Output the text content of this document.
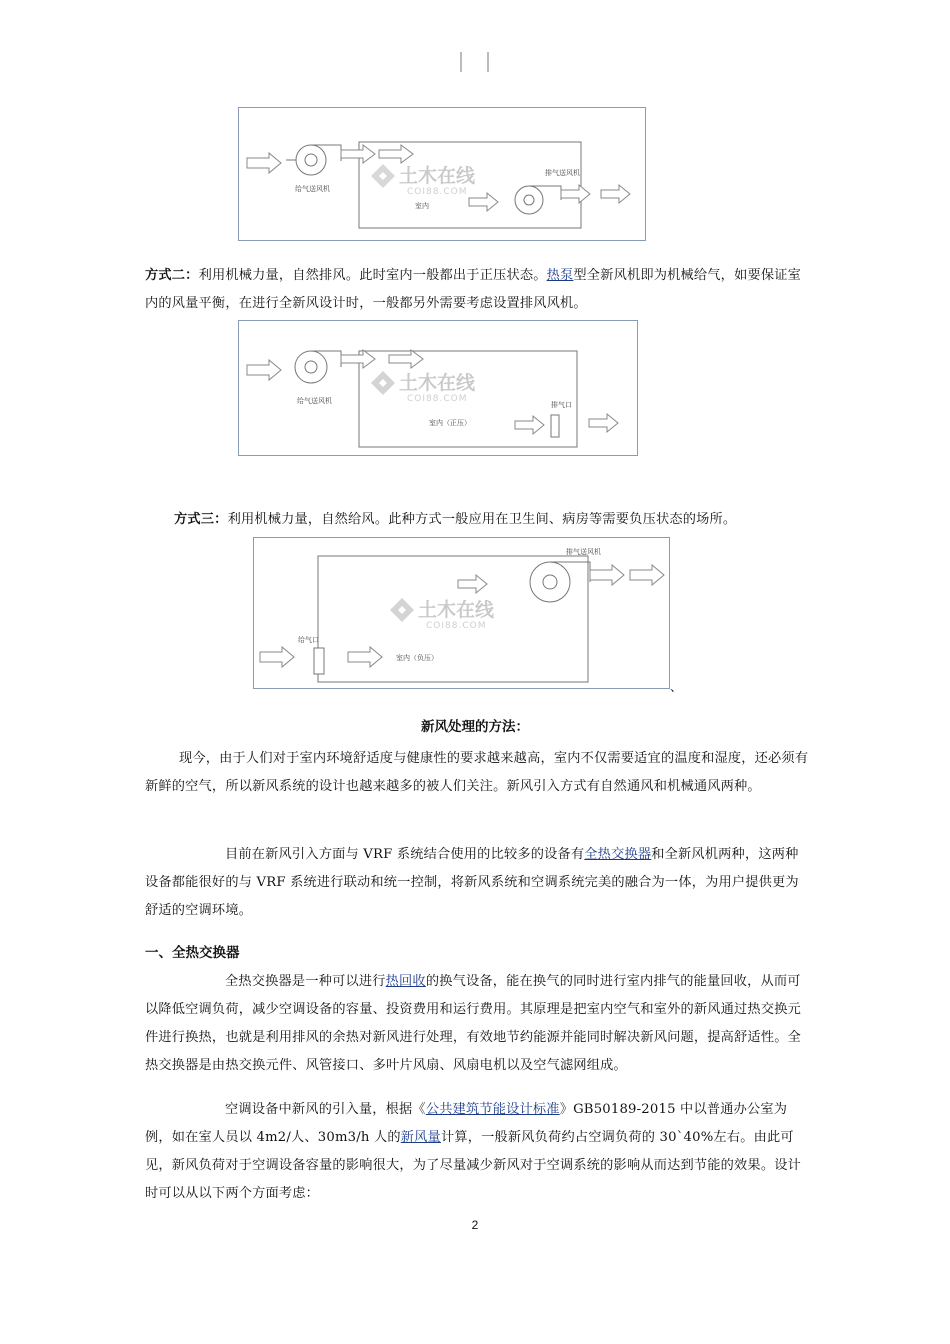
土木在线
COI88.COM
给气送风机
室内
排气送风机

方式二：利用机械力量，自然排风。此时室内一般都出于正压状态。热泵型全新风机即为机械给气，如要保证室内的风量平衡，在进行全新风设计时，一般都另外需要考虑设置排风风机。

土木在线
COI88.COM
给气送风机
室内（正压）
排气口

方式三：利用机械力量，自然给风。此种方式一般应用在卫生间、病房等需要负压状态的场所。

土木在线
COI88.COM
排气送风机
给气口
室内（负压）
、
新风处理的方法：

现今，由于人们对于室内环境舒适度与健康性的要求越来越高，室内不仅需要适宜的温度和湿度，还必须有新鲜的空气，所以新风系统的设计也越来越多的被人们关注。新风引入方式有自然通风和机械通风两种。

目前在新风引入方面与 VRF 系统结合使用的比较多的设备有全热交换器和全新风机两种，这两种设备都能很好的与 VRF 系统进行联动和统一控制，将新风系统和空调系统完美的融合为一体，为用户提供更为舒适的空调环境。

一、全热交换器

全热交换器是一种可以进行热回收的换气设备，能在换气的同时进行室内排气的能量回收，从而可以降低空调负荷，减少空调设备的容量、投资费用和运行费用。其原理是把室内空气和室外的新风通过热交换元件进行换热，也就是利用排风的余热对新风进行处理，有效地节约能源并能同时解决新风问题，提高舒适性。全热交换器是由热交换元件、风管接口、多叶片风扇、风扇电机以及空气滤网组成。

空调设备中新风的引入量，根据《公共建筑节能设计标准》GB50189-2015 中以普通办公室为例，如在室人员以 4m2/人、30m3/h 人的新风量计算，一般新风负荷约占空调负荷的 30`40%左右。由此可见，新风负荷对于空调设备容量的影响很大，为了尽量减少新风对于空调系统的影响从而达到节能的效果。设计时可以从以下两个方面考虑：

2
